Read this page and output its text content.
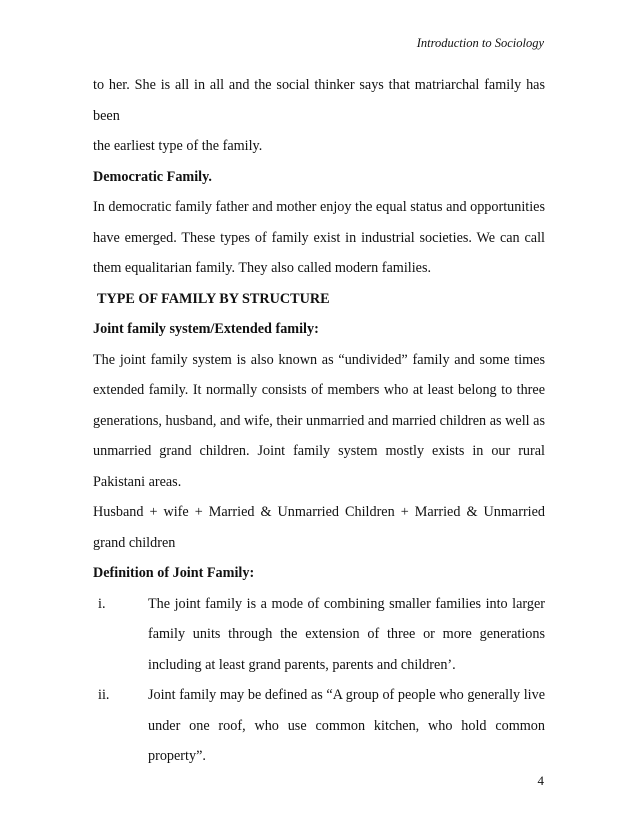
Introduction to Sociology

to her. She is all in all and the social thinker says that matriarchal family has been

the earliest type of the family.

Democratic Family.

In democratic family father and mother enjoy the equal status and opportunities

have emerged. These types of family exist in industrial societies. We can call

them equalitarian family. They also called modern families.

TYPE OF FAMILY BY STRUCTURE

Joint family system/Extended family:

The joint family system is also known as “undivided” family and some times

extended family. It normally consists of members who at least belong to three

generations, husband, and wife, their unmarried and married children as well as

unmarried grand children. Joint family system mostly exists in our rural

Pakistani areas.

Husband + wife + Married & Unmarried Children + Married & Unmarried

grand children

Definition of Joint Family:

i.	The joint family is a mode of combining smaller families into larger family units through the extension of three or more generations including at least grand parents, parents and children’.
ii.	Joint family may be defined as “A group of people who generally live under one roof, who use common kitchen, who hold common property”.
4
